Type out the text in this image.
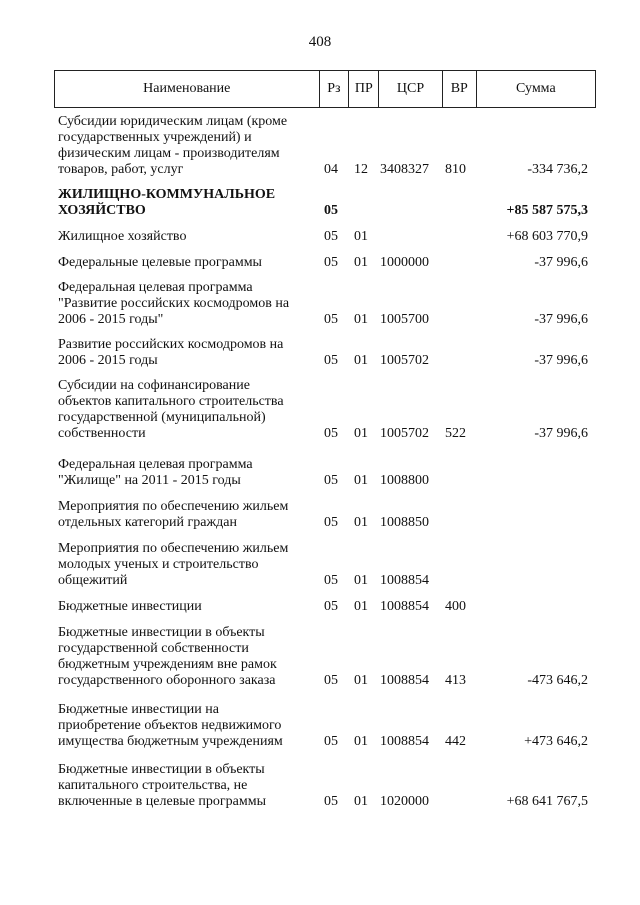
408
Наименование	Рз	ПР	ЦСР	ВР	Сумма
Субсидии юридическим лицам (кроме
государственных учреждений) и
физическим лицам - производителям
товаров, работ, услуг	04 12 3408327 810	-334 736,2
ЖИЛИЩНО-КОММУНАЛЬНОЕ
ХОЗЯЙСТВО	05	+85 587 575,3
Жилищное хозяйство	05 01	+68 603 770,9
Федеральные целевые программы	05 01 1000000	-37 996,6
Федеральная целевая программа
"Развитие российских космодромов на
2006 - 2015 годы"	05 01 1005700	-37 996,6
Развитие российских космодромов на
2006 - 2015 годы	05 01 1005702	-37 996,6
Субсидии на софинансирование
объектов капитального строительства
государственной (муниципальной)
собственности	05 01 1005702 522	-37 996,6
Федеральная целевая программа
"Жилище" на 2011 - 2015 годы	05 01 1008800
Мероприятия по обеспечению жильем
отдельных категорий граждан	05 01 1008850
Мероприятия по обеспечению жильем
молодых ученых и строительство
общежитий	05 01 1008854
Бюджетные инвестиции	05 01 1008854 400
Бюджетные инвестиции в объекты
государственной собственности
бюджетным учреждениям вне рамок
государственного оборонного заказа	05 01 1008854 413	-473 646,2
Бюджетные инвестиции на
приобретение объектов недвижимого
имущества бюджетным учреждениям	05 01 1008854 442	+473 646,2
Бюджетные инвестиции в объекты
капитального строительства, не
включенные в целевые программы	05 01 1020000	+68 641 767,5
